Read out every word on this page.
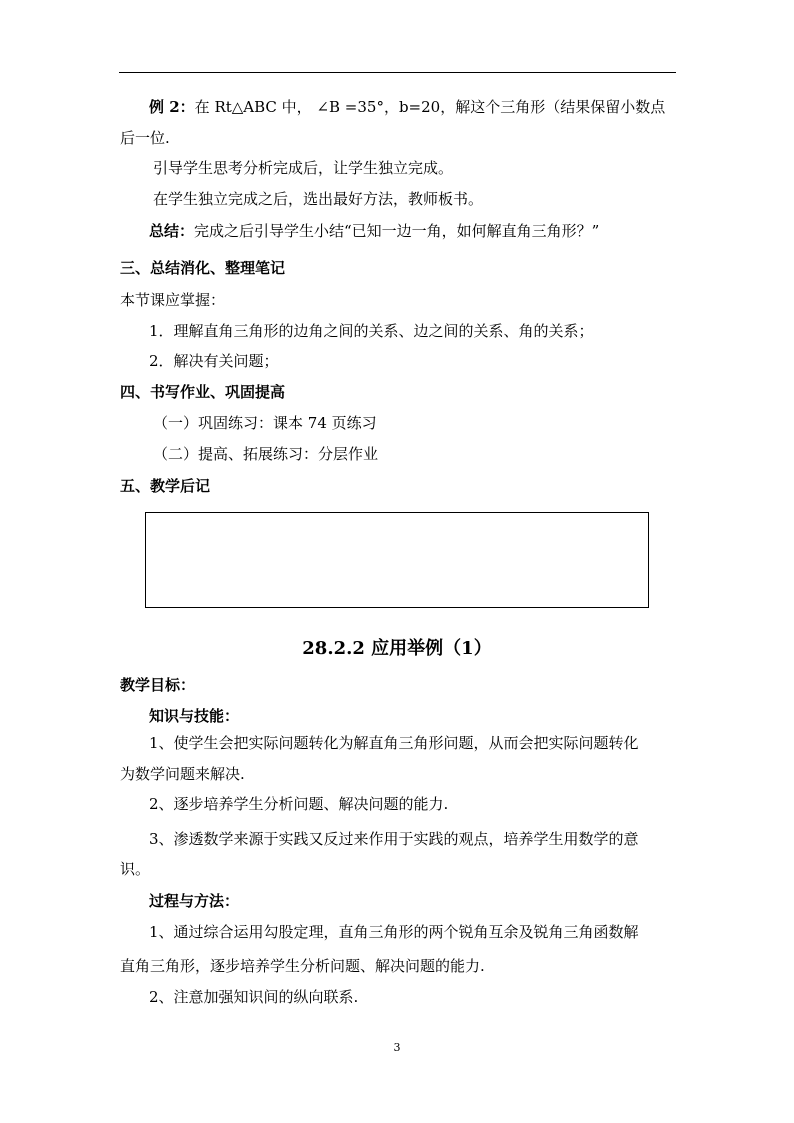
例 2：在 Rt△ABC 中， ∠B =35°，b=20，解这个三角形（结果保留小数点
后一位.
引导学生思考分析完成后，让学生独立完成。
在学生独立完成之后，选出最好方法，教师板书。
总结：完成之后引导学生小结“已知一边一角，如何解直角三角形？”
三、总结消化、整理笔记
本节课应掌握：
1．理解直角三角形的边角之间的关系、边之间的关系、角的关系；
2．解决有关问题；
四、书写作业、巩固提高
（一）巩固练习：课本 74 页练习
（二）提高、拓展练习：分层作业
五、教学后记
28.2.2 应用举例（1）
教学目标：
知识与技能：
1、使学生会把实际问题转化为解直角三角形问题，从而会把实际问题转化
为数学问题来解决.
2、逐步培养学生分析问题、解决问题的能力.
3、渗透数学来源于实践又反过来作用于实践的观点，培养学生用数学的意
识。
过程与方法：
1、通过综合运用勾股定理，直角三角形的两个锐角互余及锐角三角函数解
直角三角形，逐步培养学生分析问题、解决问题的能力.
2、注意加强知识间的纵向联系.
3
